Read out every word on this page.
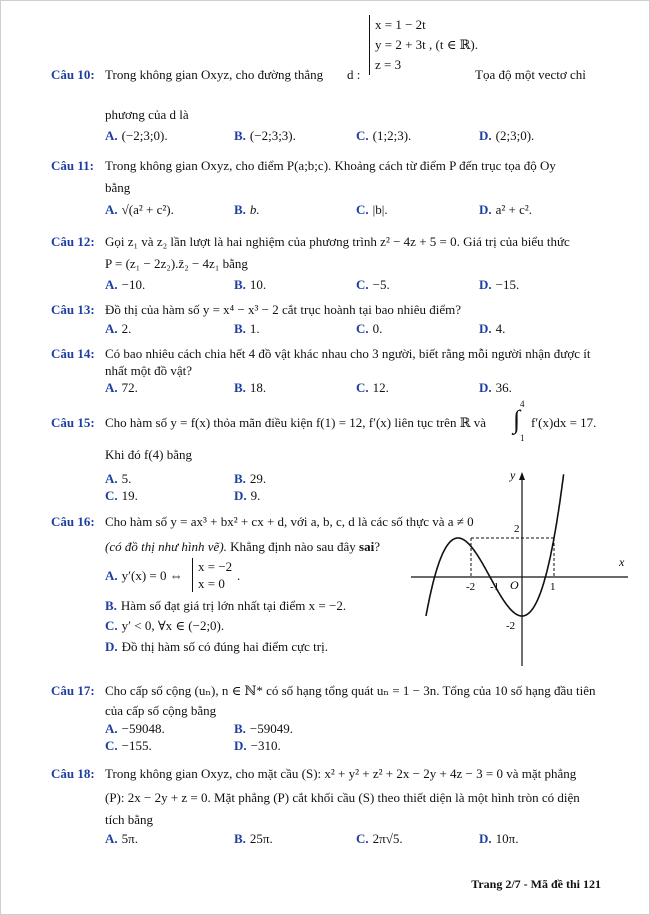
Câu 10: Trong không gian Oxyz, cho đường thẳng d :
x = 1 − 2t
y = 2 + 3t , (t ∈ ℝ).
z = 3
Tọa độ một vectơ chỉ
phương của d là
A. (−2;3;0).	B. (−2;3;3).	C. (1;2;3).	D. (2;3;0).
Câu 11: Trong không gian Oxyz, cho điểm P(a;b;c). Khoảng cách từ điểm P đến trục tọa độ Oy
bằng
A. √(a² + c²).	B. b.	C. |b|.	D. a² + c².
Câu 12: Gọi z₁ và z₂ lần lượt là hai nghiệm của phương trình z² − 4z + 5 = 0. Giá trị của biểu thức
P = (z₁ − 2z₂).z̄₂ − 4z₁ bằng
A. −10.	B. 10.	C. −5.	D. −15.
Câu 13: Đồ thị của hàm số y = x⁴ − x³ − 2 cắt trục hoành tại bao nhiêu điểm?
A. 2.	B. 1.	C. 0.	D. 4.
Câu 14: Có bao nhiêu cách chia hết 4 đồ vật khác nhau cho 3 người, biết rằng mỗi người nhận được ít
nhất một đồ vật?
A. 72.	B. 18.	C. 12.	D. 36.
Câu 15: Cho hàm số y = f(x) thỏa mãn điều kiện f(1) = 12, f′(x) liên tục trên ℝ và
4
∫
1
f′(x)dx = 17.
Khi đó f(4) bằng
A. 5.	B. 29.
C. 19.	D. 9.
Câu 16: Cho hàm số y = ax³ + bx² + cx + d, với a, b, c, d là các số thực và a ≠ 0
(có đồ thị như hình vẽ). Khẳng định nào sau đây sai?
A. y′(x) = 0 ⇔
x = −2
x = 0
.
B. Hàm số đạt giá trị lớn nhất tại điểm x = −2.
C. y′ < 0, ∀x ∈ (−2;0).
D. Đồ thị hàm số có đúng hai điểm cực trị.
y
x
O
-2 -1	1
2
-2
Câu 17: Cho cấp số cộng (uₙ), n ∈ ℕ* có số hạng tổng quát uₙ = 1 − 3n. Tổng của 10 số hạng đầu tiên
của cấp số cộng bằng
A. −59048.	B. −59049.
C. −155.	D. −310.
Câu 18: Trong không gian Oxyz, cho mặt cầu (S): x² + y² + z² + 2x − 2y + 4z − 3 = 0 và mặt phẳng
(P): 2x − 2y + z = 0. Mặt phẳng (P) cắt khối cầu (S) theo thiết diện là một hình tròn có diện
tích bằng
A. 5π.	B. 25π.	C. 2π√5.	D. 10π.
Trang 2/7 - Mã đề thi 121
